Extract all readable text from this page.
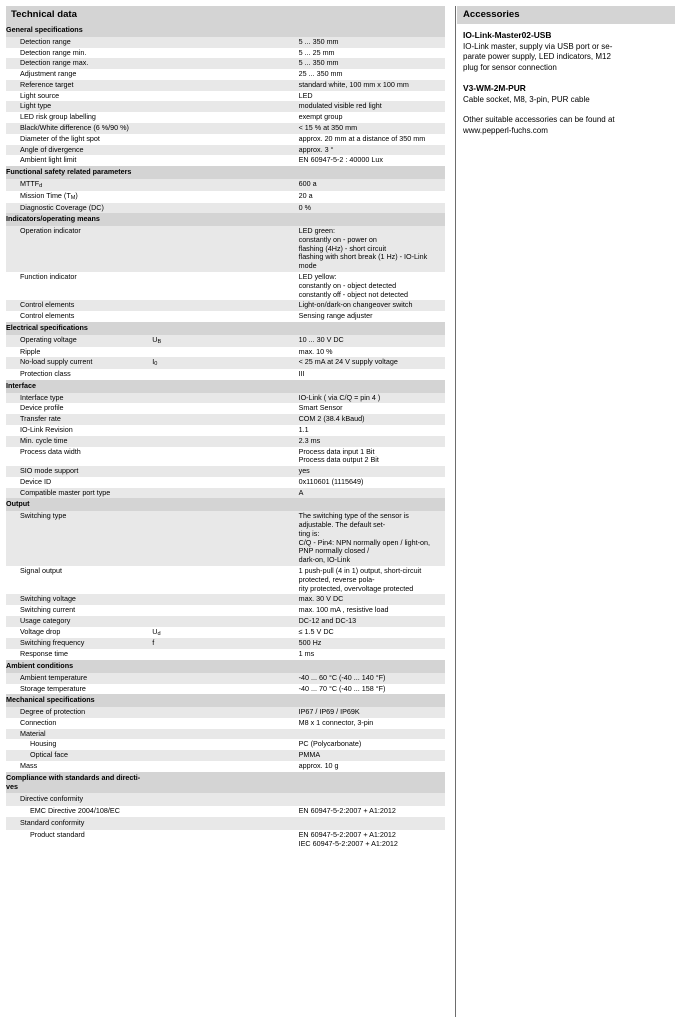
Technical data
General specifications		
Detection range		5 ... 350 mm
Detection range min.		5 ... 25 mm
Detection range max.		5 ... 350 mm
Adjustment range		25 ... 350 mm
Reference target		standard white, 100 mm x 100 mm
Light source		LED
Light type		modulated visible red light
LED risk group labelling		exempt group
Black/White difference (6 %/90 %)		< 15 % at 350 mm
Diameter of the light spot		approx. 20 mm at a distance of 350 mm
Angle of divergence		approx. 3 °
Ambient light limit		EN 60947-5-2 : 40000 Lux
Functional safety related parameters		
MTTFd		600 a
Mission Time (TM)		20 a
Diagnostic Coverage (DC)		0 %
Indicators/operating means		
Operation indicator		LED green:
constantly on - power on
flashing (4Hz) - short circuit
flashing with short break (1 Hz) - IO-Link mode
Function indicator		LED yellow:
constantly on - object detected
constantly off - object not detected
Control elements		Light-on/dark-on changeover switch
Control elements		Sensing range adjuster
Electrical specifications		
Operating voltage	UB	10 ... 30 V DC
Ripple		max. 10 %
No-load supply current	I0	< 25 mA at 24 V supply voltage
Protection class		III
Interface		
Interface type		IO-Link ( via C/Q = pin 4 )
Device profile		Smart Sensor
Transfer rate		COM 2 (38.4 kBaud)
IO-Link Revision		1.1
Min. cycle time		2.3 ms
Process data width		Process data input 1 Bit
Process data output 2 Bit
SIO mode support		yes
Device ID		0x110601 (1115649)
Compatible master port type		A
Output		
Switching type		The switching type of the sensor is adjustable. The default set-
ting is:
C/Q - Pin4: NPN normally open / light-on, PNP normally closed /
dark-on, IO-Link
Signal output		1 push-pull (4 in 1) output, short-circuit protected, reverse pola-
rity protected, overvoltage protected
Switching voltage		max. 30 V DC
Switching current		max. 100 mA , resistive load
Usage category		DC-12 and DC-13
Voltage drop	Ud	≤ 1.5 V DC
Switching frequency	f	500 Hz
Response time		1 ms
Ambient conditions		
Ambient temperature		-40 ... 60 °C (-40 ... 140 °F)
Storage temperature		-40 ... 70 °C (-40 ... 158 °F)
Mechanical specifications		
Degree of protection		IP67 / IP69 / IP69K
Connection		M8 x 1 connector, 3-pin
Material		
Housing		PC (Polycarbonate)
Optical face		PMMA
Mass		approx. 10 g
Compliance with standards and directi-
ves		
Directive conformity		
EMC Directive 2004/108/EC		EN 60947-5-2:2007 + A1:2012
Standard conformity		
Product standard		EN 60947-5-2:2007 + A1:2012
IEC 60947-5-2:2007 + A1:2012
Accessories
IO-Link-Master02-USB
IO-Link master, supply via USB port or se-
parate power supply, LED indicators, M12
plug for sensor connection
V3-WM-2M-PUR
Cable socket, M8, 3-pin, PUR cable
Other suitable accessories can be found at
www.pepperl-fuchs.com
